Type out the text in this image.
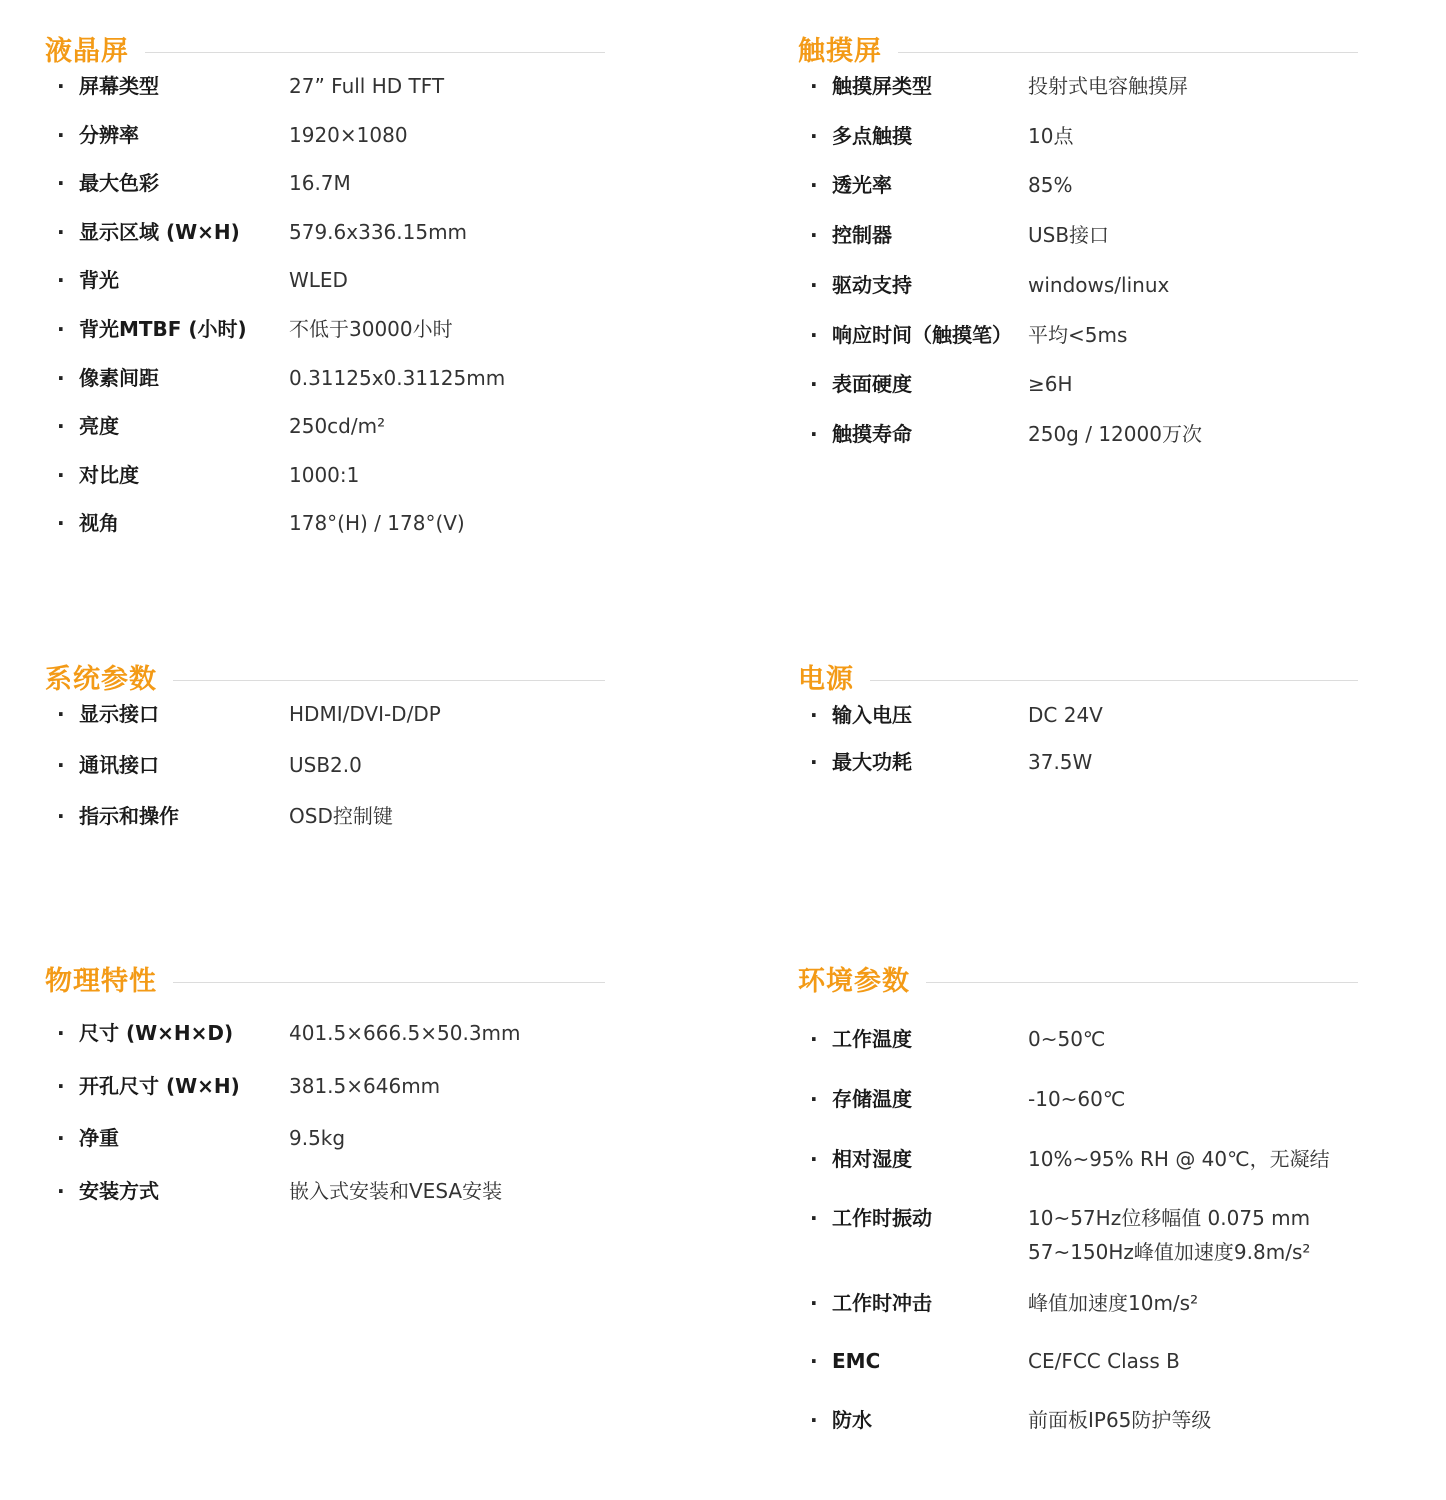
液晶屏
· 屏幕类型	27” Full HD TFT
· 分辨率	1920×1080
· 最大色彩	16.7M
· 显示区域 (W×H)	579.6x336.15mm
· 背光	WLED
· 背光MTBF (小时)	不低于30000小时
· 像素间距	0.31125x0.31125mm
· 亮度	250cd/m²
· 对比度	1000:1
· 视角	178°(H) / 178°(V)
触摸屏
· 触摸屏类型	投射式电容触摸屏
· 多点触摸	10点
· 透光率	85%
· 控制器	USB接口
· 驱动支持	windows/linux
· 响应时间（触摸笔） 平均<5ms
· 表面硬度	≥6H
· 触摸寿命	250g / 12000万次
系统参数
· 显示接口	HDMI/DVI-D/DP
· 通讯接口	USB2.0
· 指示和操作	OSD控制键
电源
· 输入电压	DC 24V
· 最大功耗	37.5W
物理特性
· 尺寸 (W×H×D)	401.5×666.5×50.3mm
· 开孔尺寸 (W×H)	381.5×646mm
· 净重	9.5kg
· 安装方式	嵌入式安装和VESA安装
环境参数
· 工作温度	0~50℃
· 存储温度	-10~60℃
· 相对湿度	10%~95% RH @ 40℃，无凝结
· 工作时振动	10~57Hz位移幅值 0.075 mm
57~150Hz峰值加速度9.8m/s²
· 工作时冲击	峰值加速度10m/s²
· EMC	CE/FCC Class B
· 防水	前面板IP65防护等级
